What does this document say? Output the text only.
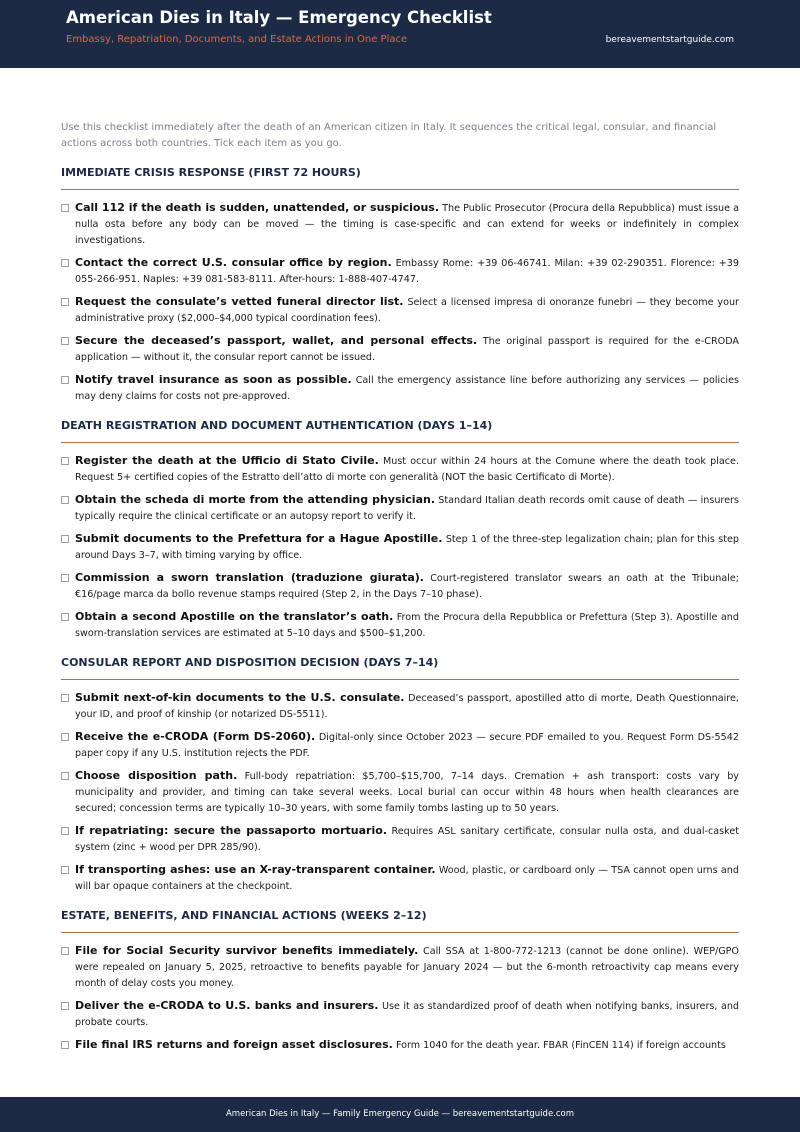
American Dies in Italy — Emergency Checklist
Embassy, Repatriation, Documents, and Estate Actions in One Place	bereavementstartguide.com

Use this checklist immediately after the death of an American citizen in Italy. It sequences the critical legal, consular, and financial actions across both countries. Tick each item as you go.

IMMEDIATE CRISIS RESPONSE (FIRST 72 HOURS)
Call 112 if the death is sudden, unattended, or suspicious. The Public Prosecutor (Procura della Repubblica) must issue a nulla osta before any body can be moved — the timing is case-specific and can extend for weeks or indefinitely in complex investigations.
Contact the correct U.S. consular office by region. Embassy Rome: +39 06-46741. Milan: +39 02-290351. Florence: +39 055-266-951. Naples: +39 081-583-8111. After-hours: 1-888-407-4747.
Request the consulate’s vetted funeral director list. Select a licensed impresa di onoranze funebri — they become your administrative proxy ($2,000–$4,000 typical coordination fees).
Secure the deceased’s passport, wallet, and personal effects. The original passport is required for the e-CRODA application — without it, the consular report cannot be issued.
Notify travel insurance as soon as possible. Call the emergency assistance line before authorizing any services — policies may deny claims for costs not pre-approved.
DEATH REGISTRATION AND DOCUMENT AUTHENTICATION (DAYS 1–14)
Register the death at the Ufficio di Stato Civile. Must occur within 24 hours at the Comune where the death took place. Request 5+ certified copies of the Estratto dell’atto di morte con generalità (NOT the basic Certificato di Morte).
Obtain the scheda di morte from the attending physician. Standard Italian death records omit cause of death — insurers typically require the clinical certificate or an autopsy report to verify it.
Submit documents to the Prefettura for a Hague Apostille. Step 1 of the three-step legalization chain; plan for this step around Days 3–7, with timing varying by office.
Commission a sworn translation (traduzione giurata). Court-registered translator swears an oath at the Tribunale; €16/page marca da bollo revenue stamps required (Step 2, in the Days 7–10 phase).
Obtain a second Apostille on the translator’s oath. From the Procura della Repubblica or Prefettura (Step 3). Apostille and sworn-translation services are estimated at 5–10 days and $500–$1,200.
CONSULAR REPORT AND DISPOSITION DECISION (DAYS 7–14)
Submit next-of-kin documents to the U.S. consulate. Deceased’s passport, apostilled atto di morte, Death Questionnaire, your ID, and proof of kinship (or notarized DS-5511).
Receive the e-CRODA (Form DS-2060). Digital-only since October 2023 — secure PDF emailed to you. Request Form DS-5542 paper copy if any U.S. institution rejects the PDF.
Choose disposition path. Full-body repatriation: $5,700–$15,700, 7–14 days. Cremation + ash transport: costs vary by municipality and provider, and timing can take several weeks. Local burial can occur within 48 hours when health clearances are secured; concession terms are typically 10–30 years, with some family tombs lasting up to 50 years.
If repatriating: secure the passaporto mortuario. Requires ASL sanitary certificate, consular nulla osta, and dual-casket system (zinc + wood per DPR 285/90).
If transporting ashes: use an X-ray-transparent container. Wood, plastic, or cardboard only — TSA cannot open urns and will bar opaque containers at the checkpoint.
ESTATE, BENEFITS, AND FINANCIAL ACTIONS (WEEKS 2–12)
File for Social Security survivor benefits immediately. Call SSA at 1-800-772-1213 (cannot be done online). WEP/GPO were repealed on January 5, 2025, retroactive to benefits payable for January 2024 — but the 6-month retroactivity cap means every month of delay costs you money.
Deliver the e-CRODA to U.S. banks and insurers. Use it as standardized proof of death when notifying banks, insurers, and probate courts.
File final IRS returns and foreign asset disclosures. Form 1040 for the death year. FBAR (FinCEN 114) if foreign accounts
American Dies in Italy — Family Emergency Guide — bereavementstartguide.com
